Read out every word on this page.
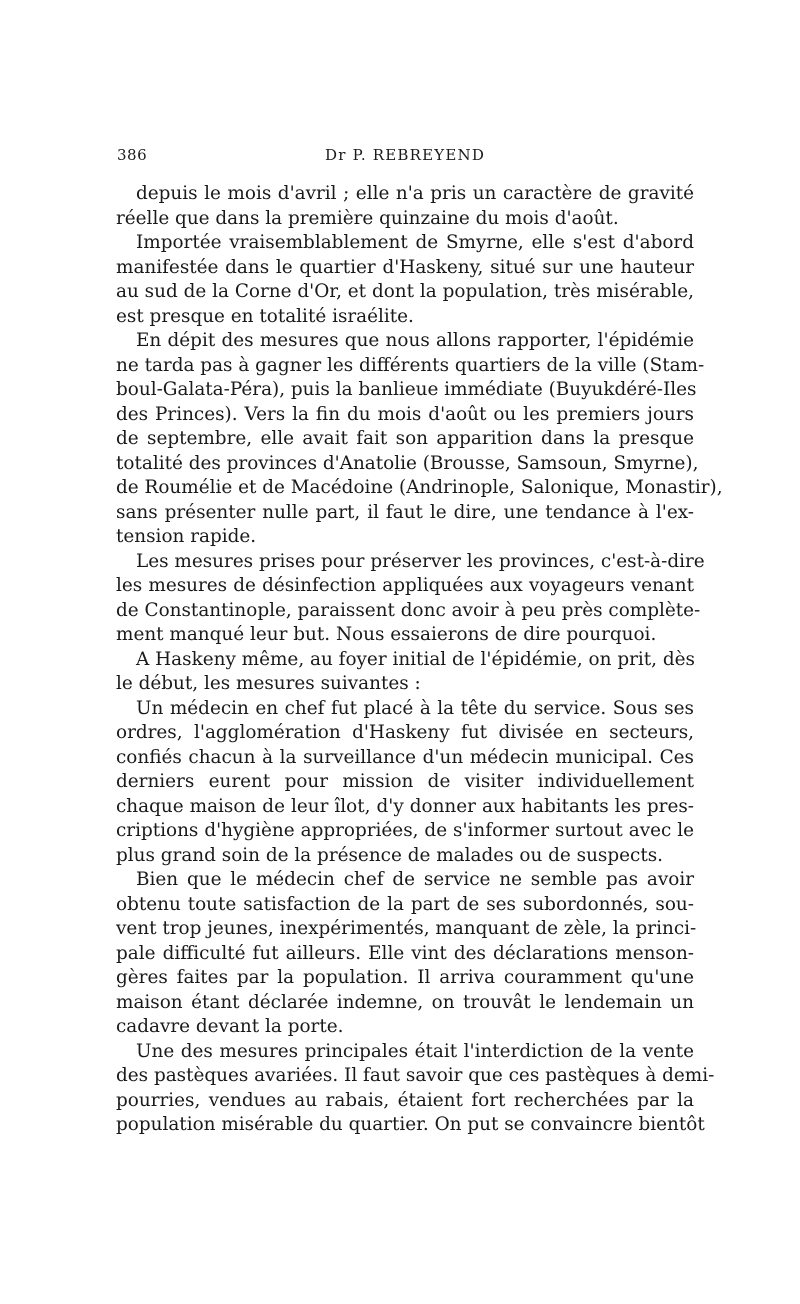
386	Dr P. REBREYEND
depuis le mois d'avril ; elle n'a pris un caractère de gravité
réelle que dans la première quinzaine du mois d'août.
Importée vraisemblablement de Smyrne, elle s'est d'abord
manifestée dans le quartier d'Haskeny, situé sur une hauteur
au sud de la Corne d'Or, et dont la population, très misérable,
est presque en totalité israélite.
En dépit des mesures que nous allons rapporter, l'épidémie
ne tarda pas à gagner les différents quartiers de la ville (Stam-
boul-Galata-Péra), puis la banlieue immédiate (Buyukdéré-Iles
des Princes). Vers la fin du mois d'août ou les premiers jours
de septembre, elle avait fait son apparition dans la presque
totalité des provinces d'Anatolie (Brousse, Samsoun, Smyrne),
de Roumélie et de Macédoine (Andrinople, Salonique, Monastir),
sans présenter nulle part, il faut le dire, une tendance à l'ex-
tension rapide.
Les mesures prises pour préserver les provinces, c'est-à-dire
les mesures de désinfection appliquées aux voyageurs venant
de Constantinople, paraissent donc avoir à peu près complète-
ment manqué leur but. Nous essaierons de dire pourquoi.
A Haskeny même, au foyer initial de l'épidémie, on prit, dès
le début, les mesures suivantes :
Un médecin en chef fut placé à la tête du service. Sous ses
ordres, l'agglomération d'Haskeny fut divisée en secteurs,
confiés chacun à la surveillance d'un médecin municipal. Ces
derniers eurent pour mission de visiter individuellement
chaque maison de leur îlot, d'y donner aux habitants les pres-
criptions d'hygiène appropriées, de s'informer surtout avec le
plus grand soin de la présence de malades ou de suspects.
Bien que le médecin chef de service ne semble pas avoir
obtenu toute satisfaction de la part de ses subordonnés, sou-
vent trop jeunes, inexpérimentés, manquant de zèle, la princi-
pale difficulté fut ailleurs. Elle vint des déclarations menson-
gères faites par la population. Il arriva couramment qu'une
maison étant déclarée indemne, on trouvât le lendemain un
cadavre devant la porte.
Une des mesures principales était l'interdiction de la vente
des pastèques avariées. Il faut savoir que ces pastèques à demi-
pourries, vendues au rabais, étaient fort recherchées par la
population misérable du quartier. On put se convaincre bientôt
